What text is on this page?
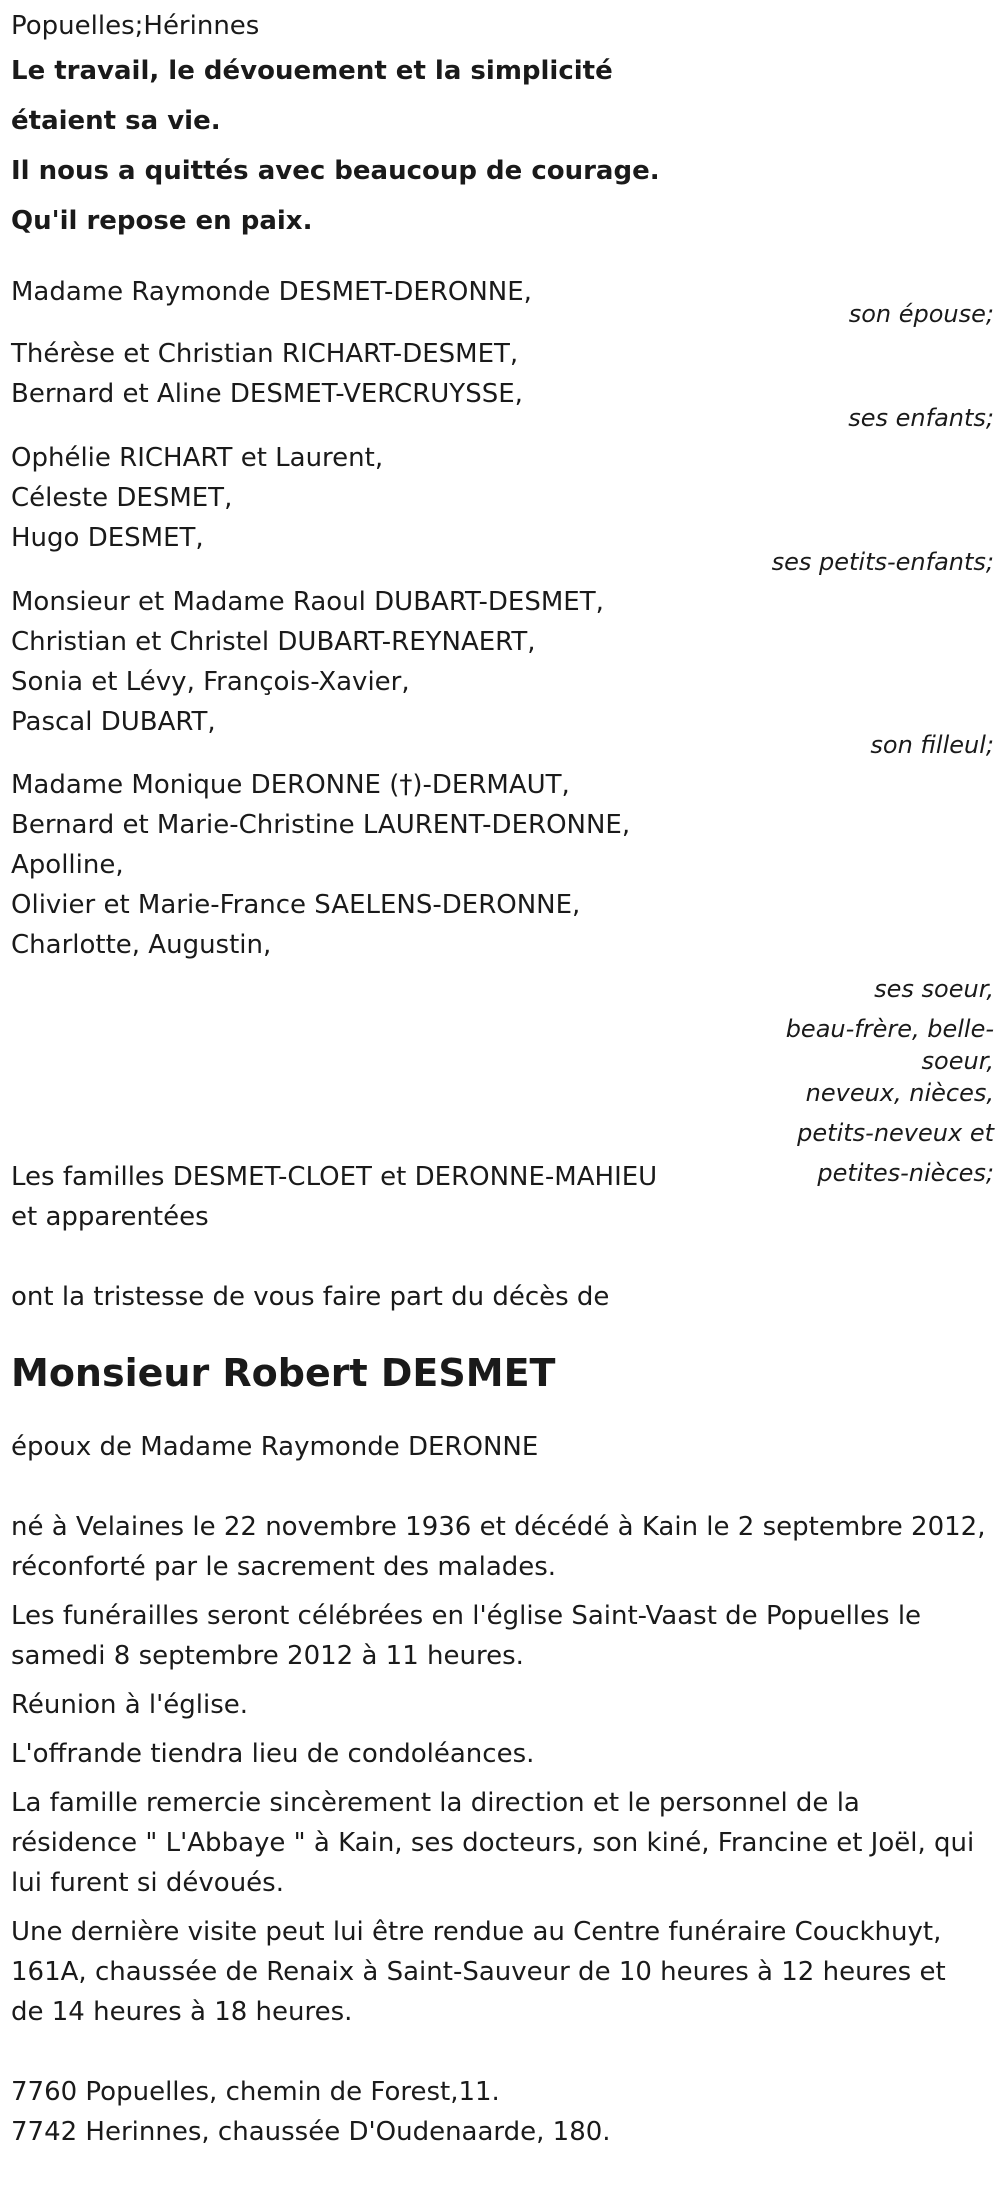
Popuelles;Hérinnes
Le travail, le dévouement et la simplicité
étaient sa vie.
Il nous a quittés avec beaucoup de courage.
Qu'il repose en paix.
Madame Raymonde DESMET-DERONNE,
son épouse;
Thérèse et Christian RICHART-DESMET,
Bernard et Aline DESMET-VERCRUYSSE,
ses enfants;
Ophélie RICHART et Laurent,
Céleste DESMET,
Hugo DESMET,
ses petits-enfants;
Monsieur et Madame Raoul DUBART-DESMET,
Christian et Christel DUBART-REYNAERT,
Sonia et Lévy, François-Xavier,
Pascal DUBART,
son filleul;
Madame Monique DERONNE (†)-DERMAUT,
Bernard et Marie-Christine LAURENT-DERONNE,
Apolline,
Olivier et Marie-France SAELENS-DERONNE,
Charlotte, Augustin,
ses soeur,
beau-frère, belle-
soeur,
neveux, nièces,
petits-neveux et
petites-nièces;
Les familles DESMET-CLOET et DERONNE-MAHIEU
et apparentées
ont la tristesse de vous faire part du décès de
Monsieur Robert DESMET
époux de Madame Raymonde DERONNE
né à Velaines le 22 novembre 1936 et décédé à Kain le 2 septembre 2012, réconforté par le sacrement des malades.
Les funérailles seront célébrées en l'église Saint-Vaast de Popuelles le samedi 8 septembre 2012 à 11 heures.
Réunion à l'église.
L'offrande tiendra lieu de condoléances.
La famille remercie sincèrement la direction et le personnel de la résidence " L'Abbaye " à Kain, ses docteurs, son kiné, Francine et Joël, qui lui furent si dévoués.
Une dernière visite peut lui être rendue au Centre funéraire Couckhuyt, 161A, chaussée de Renaix à Saint-Sauveur de 10 heures à 12 heures et de 14 heures à 18 heures.
7760 Popuelles, chemin de Forest,11.
7742 Herinnes, chaussée D'Oudenaarde, 180.
